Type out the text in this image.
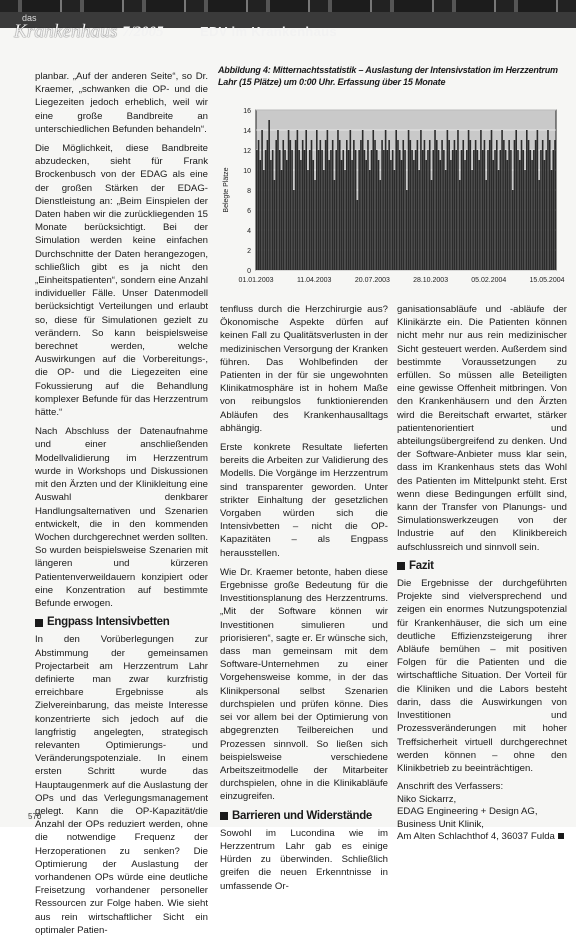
das
Krankenhaus 7/2005	EDV im Krankenhaus

planbar. „Auf der anderen Seite“, so Dr. Kraemer, „schwanken die OP- und die Liegezeiten jedoch erheblich, weil wir eine große Bandbreite an unterschiedlichen Befunden behandeln“.

Die Möglichkeit, diese Bandbreite abzudecken, sieht für Frank Brockenbusch von der EDAG als eine der großen Stärken der EDAG-Dienstleistung an: „Beim Einspielen der Daten haben wir die zurückliegenden 15 Monate berücksichtigt. Bei der Simulation werden keine einfachen Durchschnitte der Daten herangezogen, schließlich gibt es ja nicht den „Einheitspatienten“, sondern eine Anzahl individueller Fälle. Unser Datenmodell berücksichtigt Verteilungen und erlaubt so, diese für Simulationen gezielt zu verändern. So kann beispielsweise berechnet werden, welche Auswirkungen auf die Vorbereitungs-, die OP- und die Liegezeiten eine Fokussierung auf die Behandlung komplexer Befunde für das Herzzentrum hätte.“

Nach Abschluss der Datenaufnahme und einer anschließenden Modellvalidierung im Herzzentrum wurde in Workshops und Diskussionen mit den Ärzten und der Klinikleitung eine Auswahl denkbarer Handlungsalternativen und Szenarien entwickelt, die in den kommenden Wochen durchgerechnet werden sollten. So wurden beispielsweise Szenarien mit längeren und kürzeren Patientenverweildauern konzipiert oder eine Konzentration auf bestimmte Befunde erwogen.

Engpass Intensivbetten

In den Vorüberlegungen zur Abstimmung der gemeinsamen Projectarbeit am Herzzentrum Lahr definierte man zwar kurzfristig erreichbare Ergebnisse als Zielvereinbarung, das meiste Interesse konzentrierte sich jedoch auf die langfristig angelegten, strategisch relevanten Optimierungs- und Veränderungspotenziale. In einem ersten Schritt wurde das Hauptaugenmerk auf die Auslastung der OPs und das Verlegungsmanagement gelegt. Kann die OP-Kapazität/die Anzahl der OPs reduziert werden, ohne die notwendige Frequenz der Herzoperationen zu senken? Die Optimierung der Auslastung der vorhandenen OPs würde eine deutliche Freisetzung vorhandener personeller Ressourcen zur Folge haben. Wie sieht aus rein wirtschaftlicher Sicht ein optimaler Patien-

Abbildung 4: Mitternachtsstatistik – Auslastung der Intensivstation im Herzzentrum Lahr (15 Plätze) um 0:00 Uhr. Erfassung über 15 Monate
0
2
4
6
8
10
12
14
16
01.01.2003	11.04.2003	20.07.2003	28.10.2003	05.02.2004	15.05.2004
Belegte Plätze

tenfluss durch die Herzchirurgie aus? Ökonomische Aspekte dürfen auf keinen Fall zu Qualitätsverlusten in der medizinischen Versorgung der Kranken führen. Das Wohlbefinden der Patienten in der für sie ungewohnten Klinikatmosphäre ist in hohem Maße von reibungslos funktionierenden Abläufen des Krankenhausalltags abhängig.

Erste konkrete Resultate lieferten bereits die Arbeiten zur Validierung des Modells. Die Vorgänge im Herzzentrum sind transparenter geworden. Unter strikter Einhaltung der gesetzlichen Vorgaben würden sich die Intensivbetten – nicht die OP-Kapazitäten – als Engpass herausstellen.

Wie Dr. Kraemer betonte, haben diese Ergebnisse große Bedeutung für die Investitionsplanung des Herzzentrums. „Mit der Software können wir Investitionen simulieren und priorisieren“, sagte er. Er wünsche sich, dass man gemeinsam mit dem Software-Unternehmen zu einer Vorgehensweise komme, in der das Klinikpersonal selbst Szenarien durchspielen und prüfen könne. Dies sei vor allem bei der Optimierung von abgegrenzten Teilbereichen und Prozessen sinnvoll. So ließen sich beispielsweise verschiedene Arbeitszeitmodelle der Mitarbeiter durchspielen, ohne in die Klinikabläufe einzugreifen.

Barrieren und Widerstände

Sowohl im Lucondina wie im Herzzentrum Lahr gab es einige Hürden zu überwinden. Schließlich greifen die neuen Erkenntnisse in umfassende Or-

ganisationsabläufe und -abläufe der Klinikärzte ein. Die Patienten können nicht mehr nur aus rein medizinischer Sicht gesteuert werden. Außerdem sind bestimmte Voraussetzungen zu erfüllen. So müssen alle Beteiligten eine gewisse Offenheit mitbringen. Von den Krankenhäusern und den Ärzten wird die Bereitschaft erwartet, stärker patientenorientiert und abteilungsübergreifend zu denken. Und der Software-Anbieter muss klar sein, dass im Krankenhaus stets das Wohl des Patienten im Mittelpunkt steht. Erst wenn diese Bedingungen erfüllt sind, kann der Transfer von Planungs- und Simulationswerkzeugen von der Industrie auf den Klinikbereich aufschlussreich und sinnvoll sein.

Fazit

Die Ergebnisse der durchgeführten Projekte sind vielversprechend und zeigen ein enormes Nutzungspotenzial für Krankenhäuser, die sich um eine deutliche Effizienzsteigerung ihrer Abläufe bemühen – mit positiven Folgen für die Patienten und die wirtschaftliche Situation. Der Vorteil für die Kliniken und die Labors besteht darin, dass die Auswirkungen von Investitionen und Prozessveränderungen mit hoher Treffsicherheit virtuell durchgerechnet werden können – ohne den Klinikbetrieb zu beeinträchtigen.

Anschrift des Verfassers:
Niko Sickarrz,
EDAG Engineering + Design AG,
Business Unit Klinik,
Am Alten Schlachthof 4, 36037 Fulda
570
